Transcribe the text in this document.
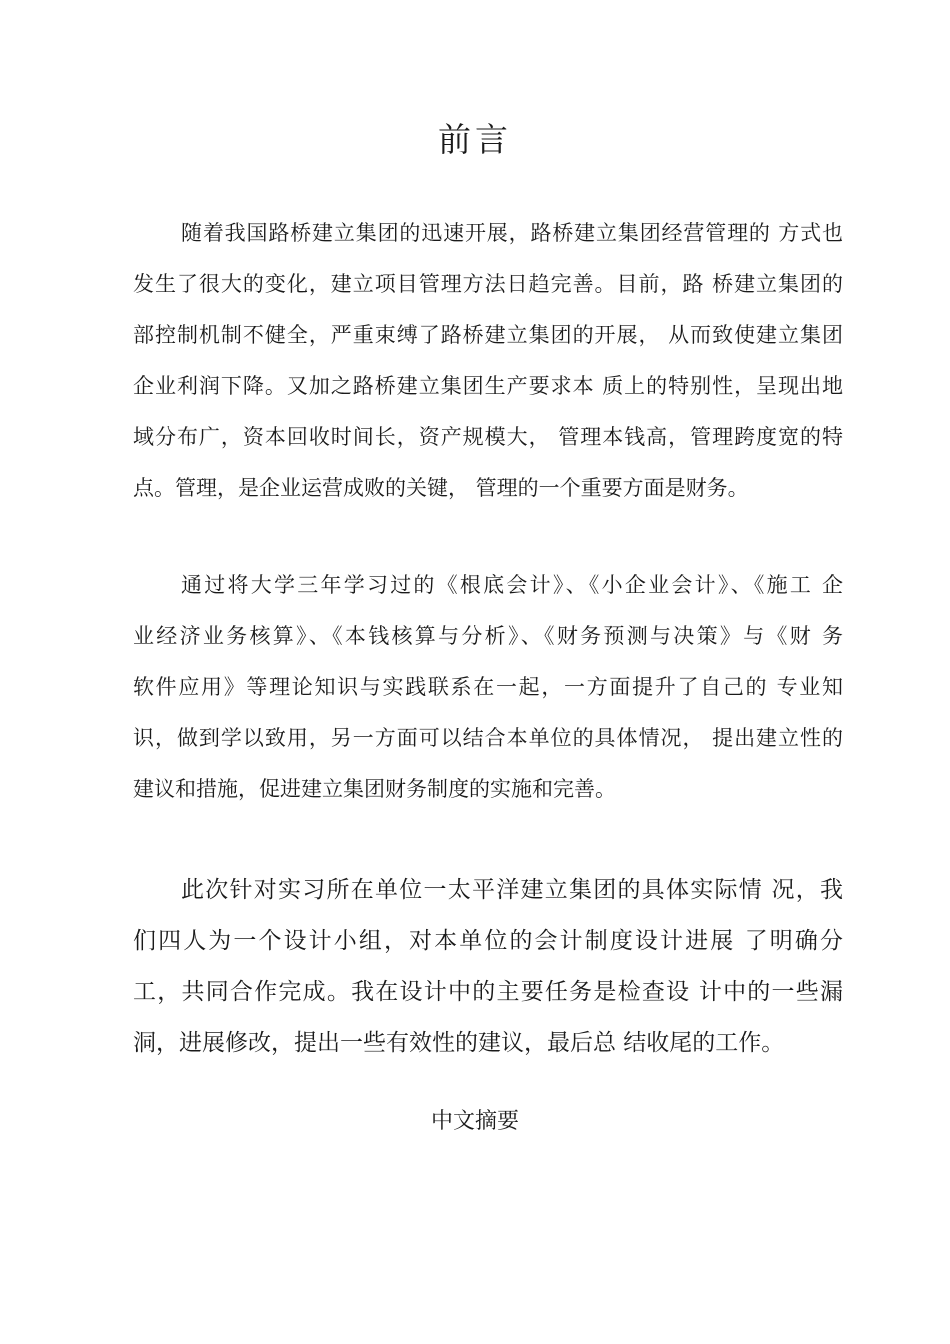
前言

随着我国路桥建立集团的迅速开展，路桥建立集团经营管理的 方式也
发生了很大的变化，建立项目管理方法日趋完善。目前，路 桥建立集团的
部控制机制不健全，严重束缚了路桥建立集团的开展， 从而致使建立集团
企业利润下降。又加之路桥建立集团生产要求本 质上的特别性，呈现出地
域分布广，资本回收时间长，资产规模大， 管理本钱高，管理跨度宽的特
点。管理，是企业运营成败的关键， 管理的一个重要方面是财务。

通过将大学三年学习过的《根底会计》、《小企业会计》、《施工 企
业经济业务核算》、《本钱核算与分析》、《财务预测与决策》与《财 务
软件应用》等理论知识与实践联系在一起，一方面提升了自己的 专业知
识，做到学以致用，另一方面可以结合本单位的具体情况， 提出建立性的
建议和措施，促进建立集团财务制度的实施和完善。

此次针对实习所在单位一太平洋建立集团的具体实际情 况，我
们四人为一个设计小组，对本单位的会计制度设计进展 了明确分
工，共同合作完成。我在设计中的主要任务是检查设 计中的一些漏
洞，进展修改，提出一些有效性的建议，最后总 结收尾的工作。

中文摘要
